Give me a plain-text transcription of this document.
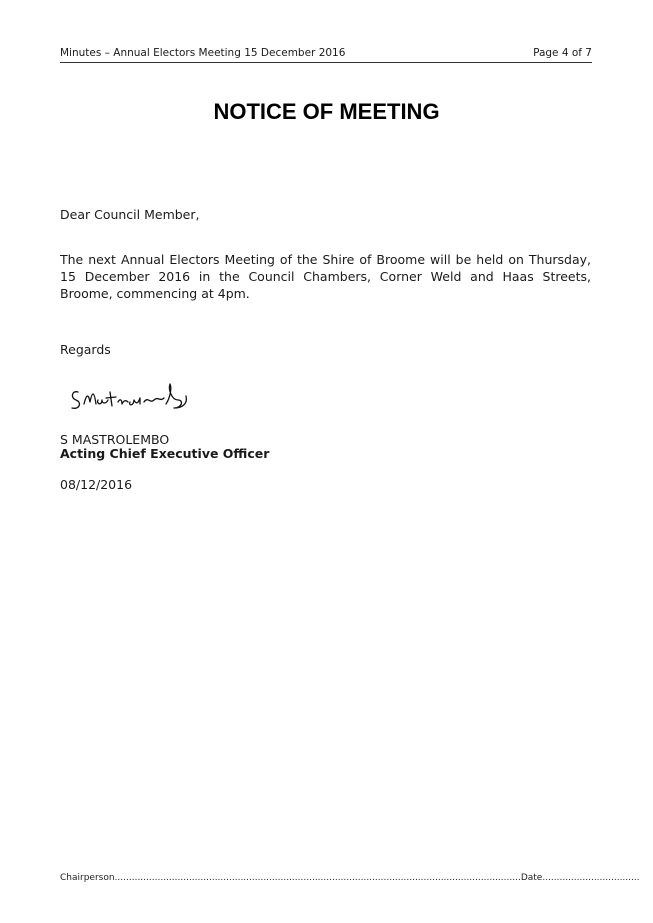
Minutes – Annual Electors Meeting 15 December 2016	Page 4 of 7
NOTICE OF MEETING
Dear Council Member,
The next Annual Electors Meeting of the Shire of Broome will be held on Thursday, 15 December 2016 in the Council Chambers, Corner Weld and Haas Streets, Broome, commencing at 4pm.
Regards
S MASTROLEMBO
Acting Chief Executive Officer
08/12/2016
Chairperson..............................................................................................................................................Date..................................
